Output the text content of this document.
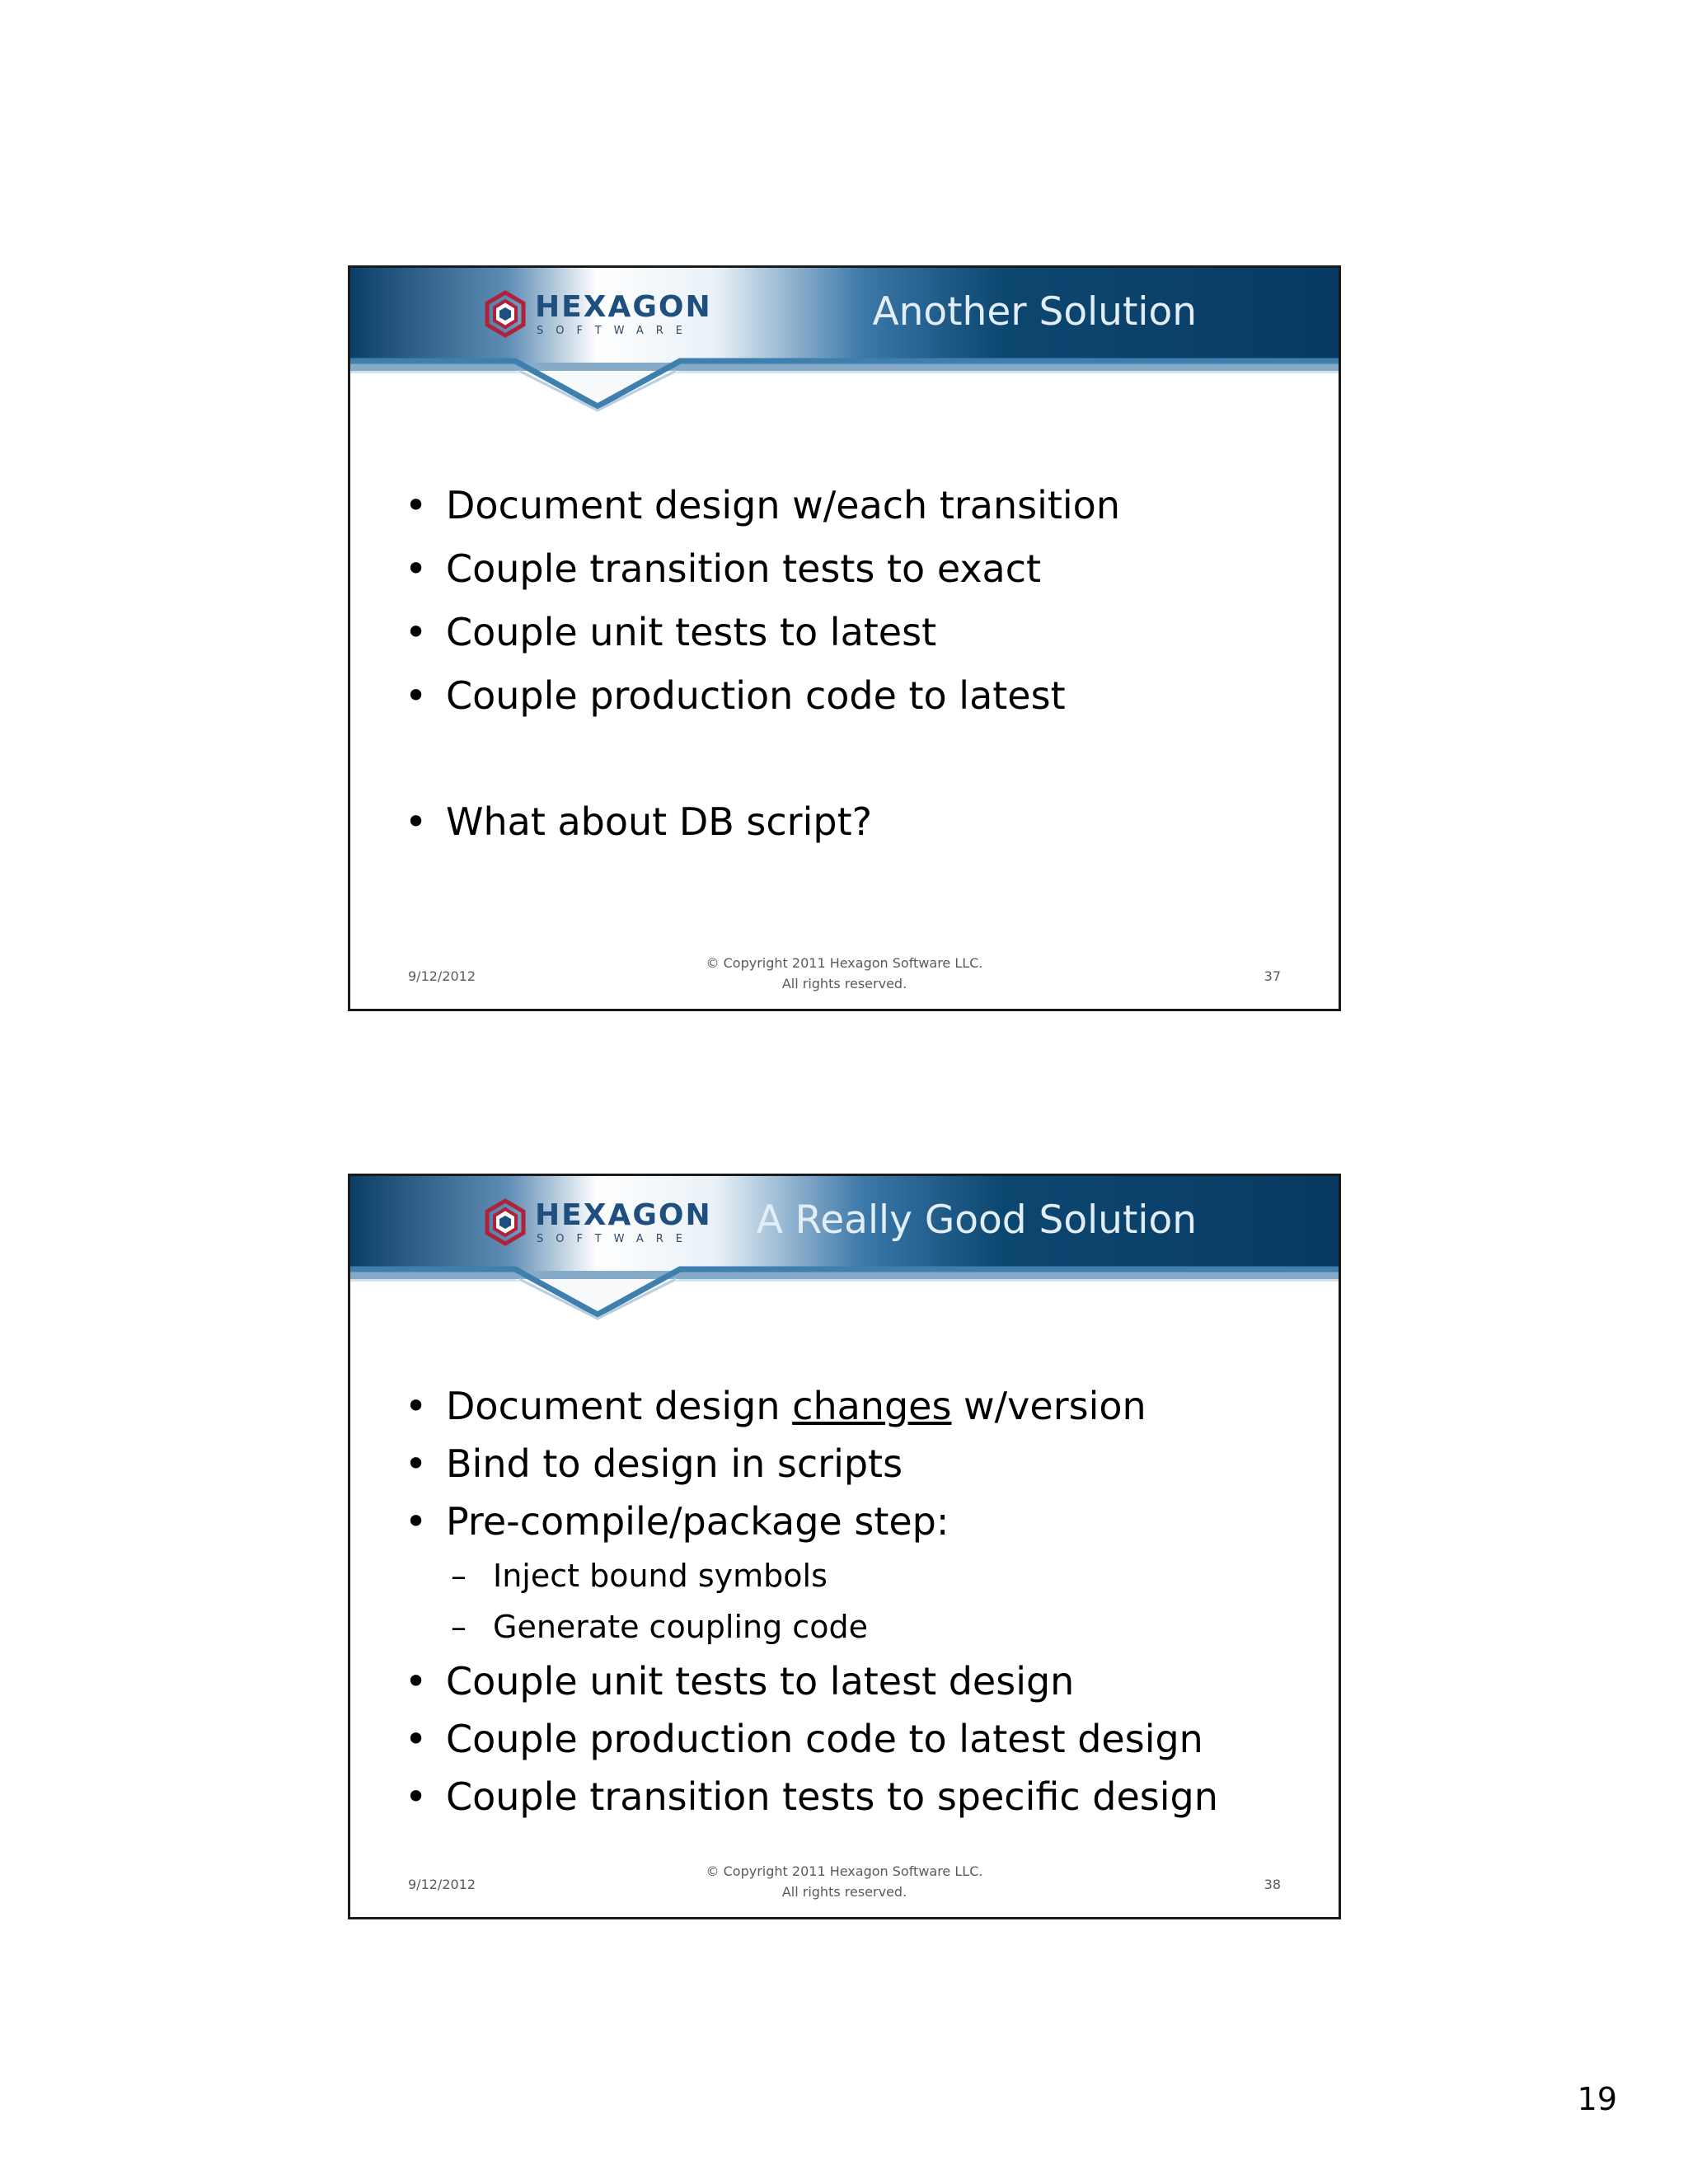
HEXAGON
SOFTWARE	Another Solution
• Document design w/each transition
• Couple transition tests to exact
• Couple unit tests to latest
• Couple production code to latest
• What about DB script?
9/12/2012
© Copyright 2011 Hexagon Software LLC.
All rights reserved.	37
HEXAGON
SOFTWARE A Really Good Solution
• Document design changes w/version
• Bind to design in scripts
• Pre-compile/package step:
– Inject bound symbols
– Generate coupling code
• Couple unit tests to latest design
• Couple production code to latest design
• Couple transition tests to specific design
9/12/2012
© Copyright 2011 Hexagon Software LLC.
All rights reserved.	38
19
